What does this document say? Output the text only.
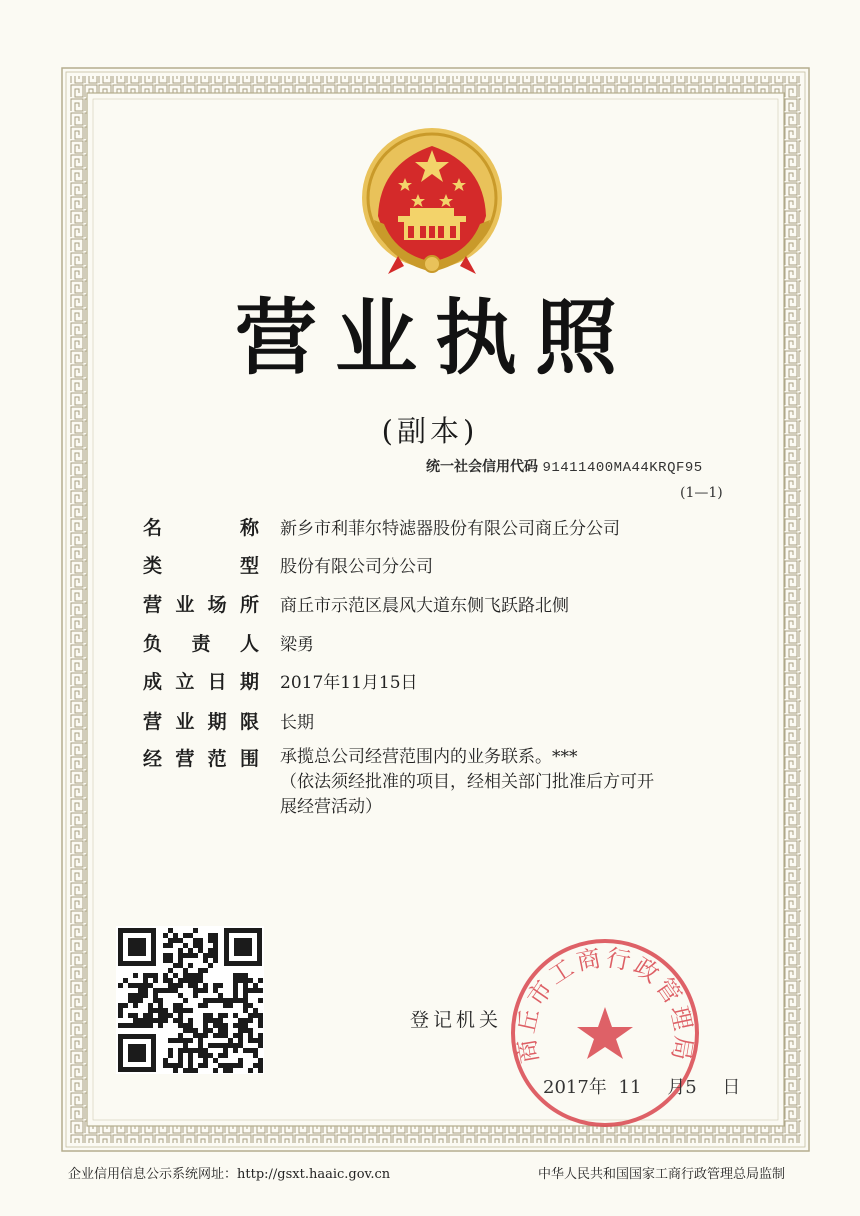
营业执照
(副本)
统一社会信用代码 91411400MA44KRQF95
(1—1)
名	称 新乡市利菲尔特滤器股份有限公司商丘分公司
类	型 股份有限公司分公司
营 业 场 所 商丘市示范区晨风大道东侧飞跃路北侧
负 责 人 梁勇
成 立 日 期 2017年11月15日
营 业 期 限 长期
经 营 范 围 承揽总公司经营范围内的业务联系。***
（依法须经批准的项目，经相关部门批准后方可开
展经营活动）
登记机关
商丘市工商行政管理局
2017年 11 月5 日
企业信用信息公示系统网址：http://gsxt.haaic.gov.cn	中华人民共和国国家工商行政管理总局监制
